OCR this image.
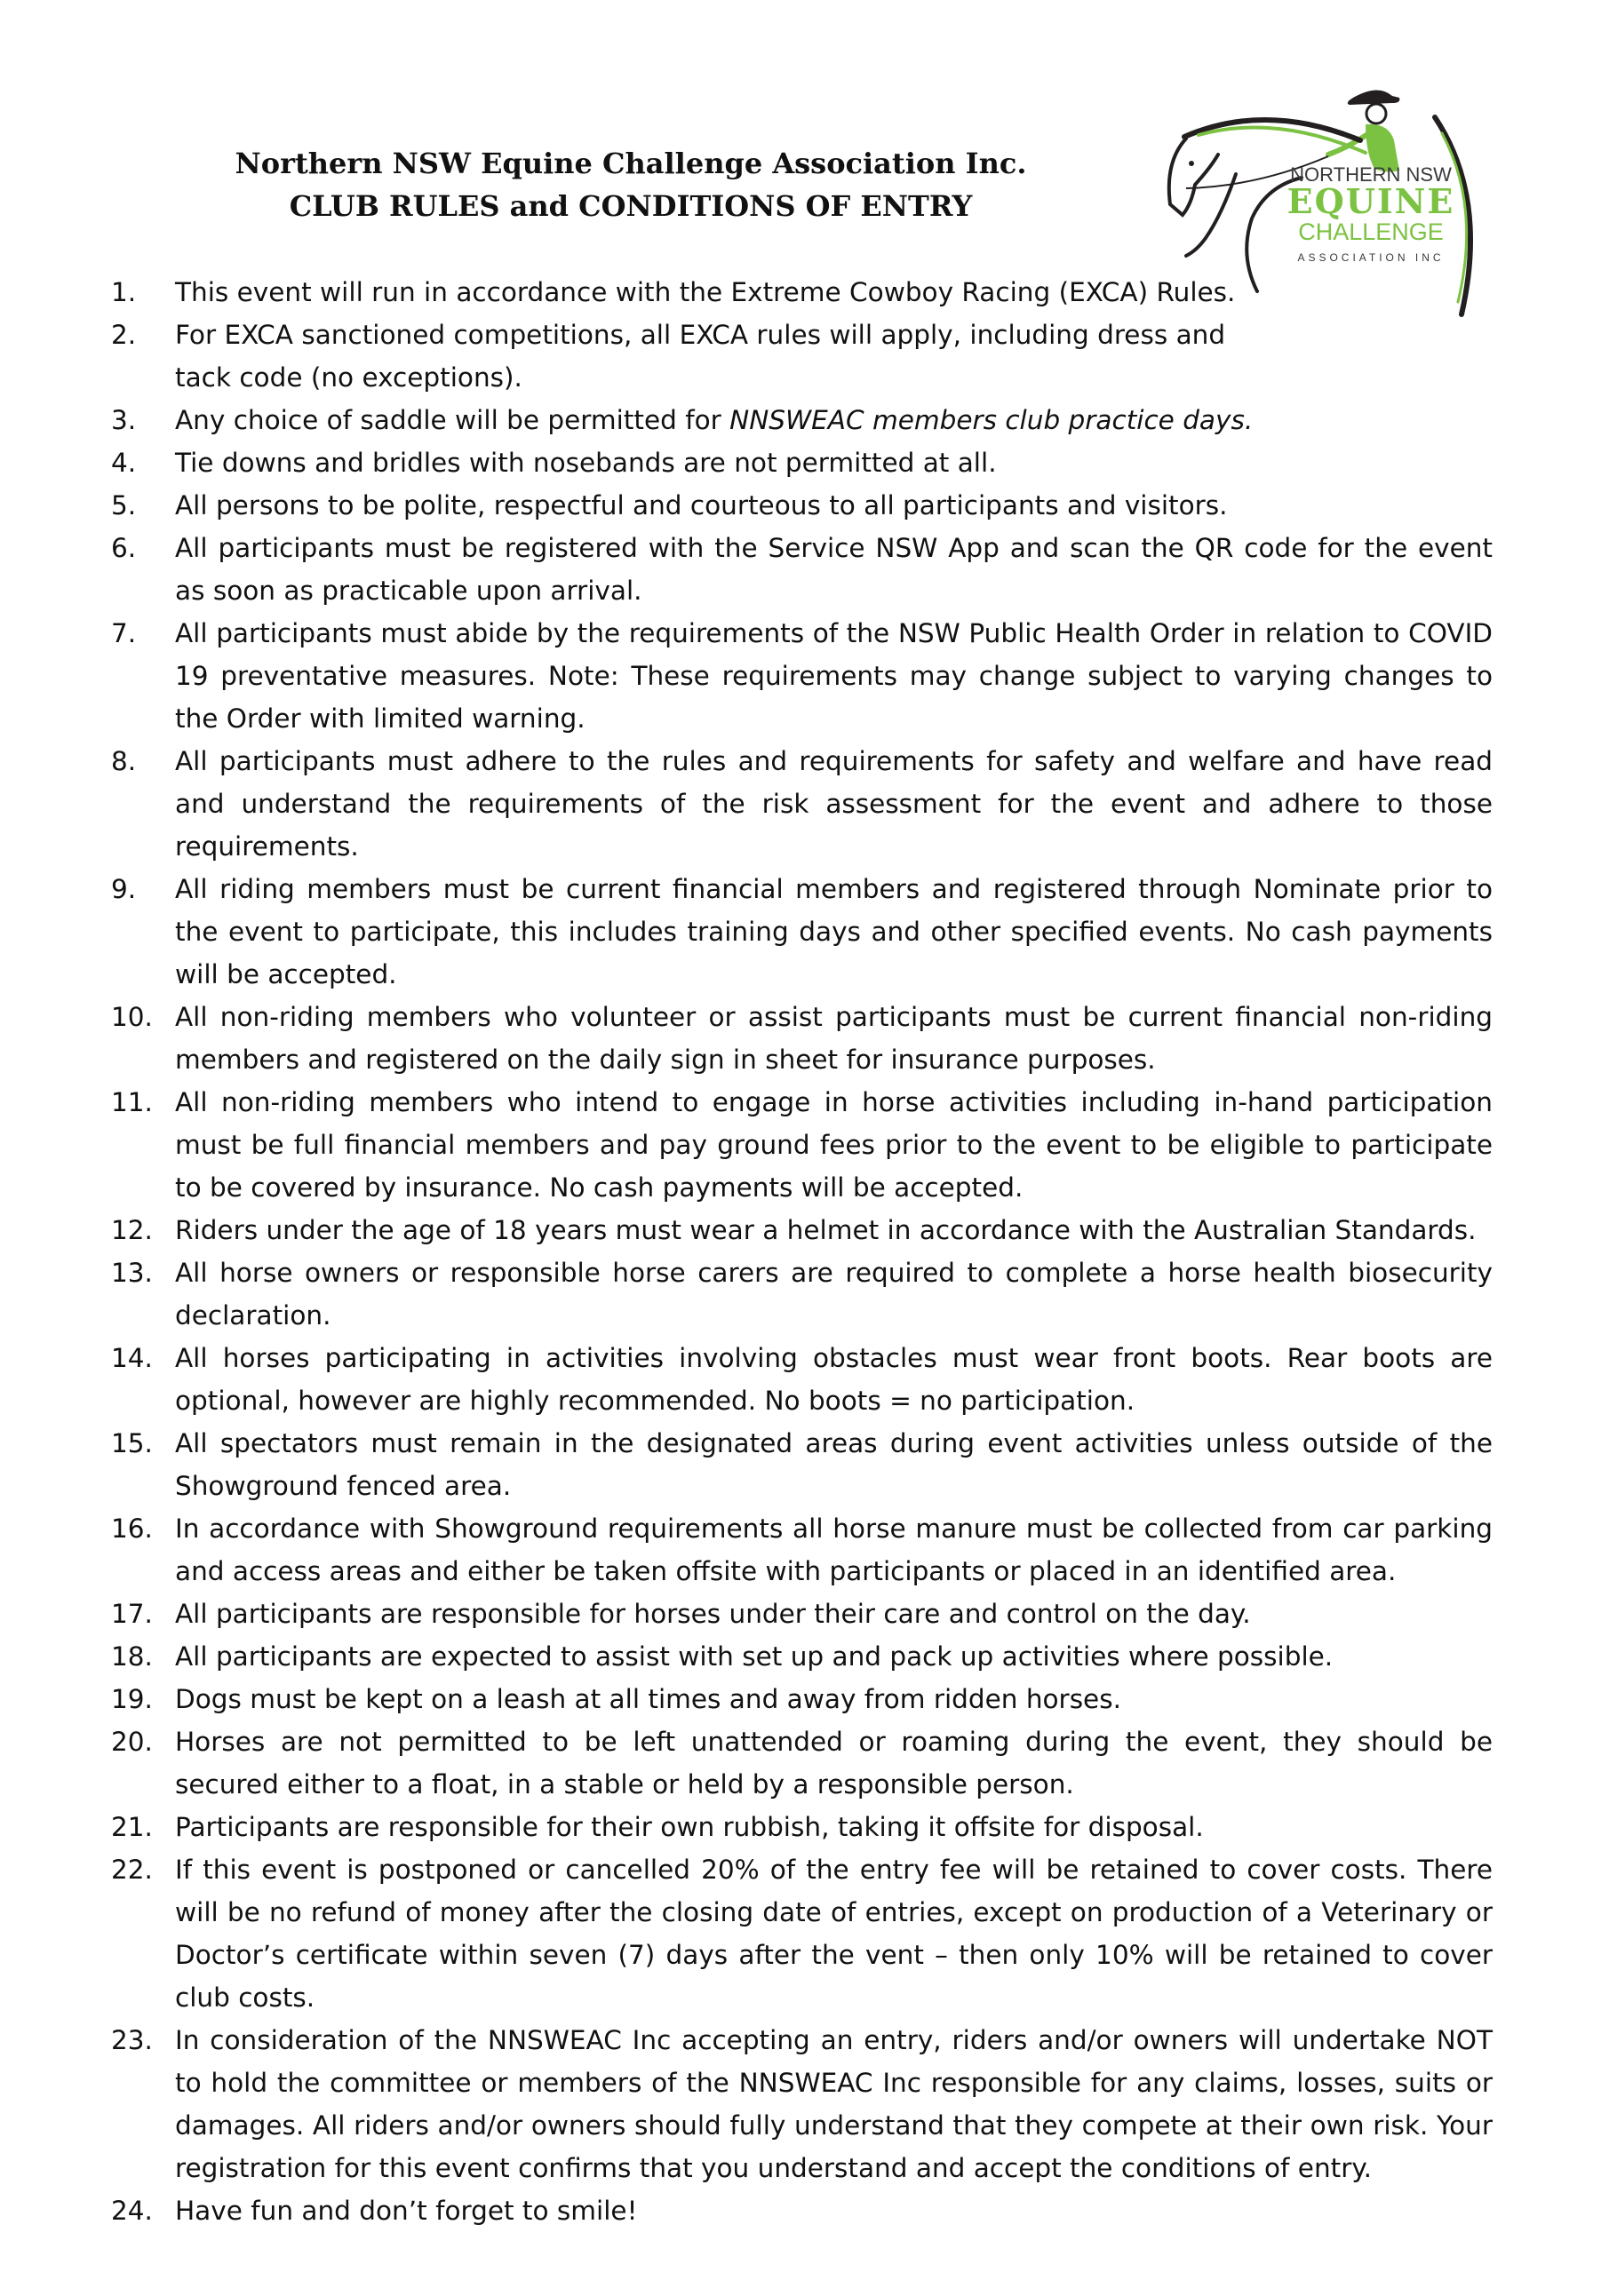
Northern NSW Equine Challenge Association Inc.
CLUB RULES and CONDITIONS OF ENTRY
NORTHERN NSW
EQUINE
CHALLENGE
ASSOCIATION INC
1.	This event will run in accordance with the Extreme Cowboy Racing (EXCA) Rules.
2.	For EXCA sanctioned competitions, all EXCA rules will apply, including dress and tack code (no exceptions).
3.	Any choice of saddle will be permitted for NNSWEAC members club practice days.
4.	Tie downs and bridles with nosebands are not permitted at all.
5.	All persons to be polite, respectful and courteous to all participants and visitors.
6.	All participants must be registered with the Service NSW App and scan the QR code for the event as soon as practicable upon arrival.
7.	All participants must abide by the requirements of the NSW Public Health Order in relation to COVID 19 preventative measures. Note: These requirements may change subject to varying changes to the Order with limited warning.
8.	All participants must adhere to the rules and requirements for safety and welfare and have read and understand the requirements of the risk assessment for the event and adhere to those requirements.
9.	All riding members must be current financial members and registered through Nominate prior to the event to participate, this includes training days and other specified events. No cash payments will be accepted.
10. All non-riding members who volunteer or assist participants must be current financial non-riding members and registered on the daily sign in sheet for insurance purposes.
11. All non-riding members who intend to engage in horse activities including in-hand participation must be full financial members and pay ground fees prior to the event to be eligible to participate to be covered by insurance. No cash payments will be accepted.
12. Riders under the age of 18 years must wear a helmet in accordance with the Australian Standards.
13. All horse owners or responsible horse carers are required to complete a horse health biosecurity declaration.
14. All horses participating in activities involving obstacles must wear front boots. Rear boots are optional, however are highly recommended. No boots = no participation.
15. All spectators must remain in the designated areas during event activities unless outside of the Showground fenced area.
16. In accordance with Showground requirements all horse manure must be collected from car parking and access areas and either be taken offsite with participants or placed in an identified area.
17. All participants are responsible for horses under their care and control on the day.
18. All participants are expected to assist with set up and pack up activities where possible.
19. Dogs must be kept on a leash at all times and away from ridden horses.
20. Horses are not permitted to be left unattended or roaming during the event, they should be secured either to a float, in a stable or held by a responsible person.
21. Participants are responsible for their own rubbish, taking it offsite for disposal.
22. If this event is postponed or cancelled 20% of the entry fee will be retained to cover costs. There will be no refund of money after the closing date of entries, except on production of a Veterinary or Doctor’s certificate within seven (7) days after the vent – then only 10% will be retained to cover club costs.
23. In consideration of the NNSWEAC Inc accepting an entry, riders and/or owners will undertake NOT to hold the committee or members of the NNSWEAC Inc responsible for any claims, losses, suits or damages. All riders and/or owners should fully understand that they compete at their own risk. Your registration for this event confirms that you understand and accept the conditions of entry.
24. Have fun and don’t forget to smile!
